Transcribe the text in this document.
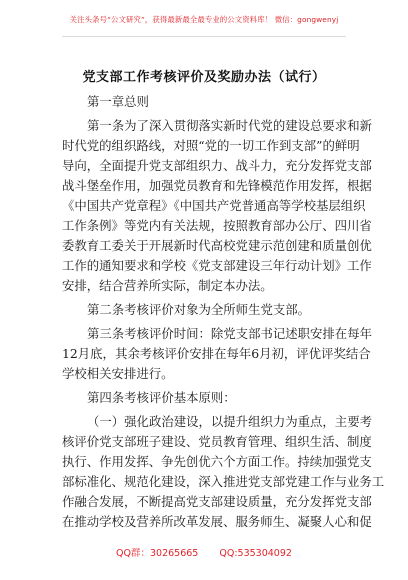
关注头条号“公文研究”，获得最新最全最专业的公文资料库！ 微信：gongwenyj
党支部工作考核评价及奖励办法（试行）
第一章总则
第一条为了深入贯彻落实新时代党的建设总要求和新
时代党的组织路线，对照“党的一切工作到支部”的鲜明
导向，全面提升党支部组织力、战斗力，充分发挥党支部
战斗堡垒作用，加强党员教育和先锋模范作用发挥，根据
《中国共产党章程》《中国共产党普通高等学校基层组织
工作条例》等党内有关法规，按照教育部办公厅、四川省
委教育工委关于开展新时代高校党建示范创建和质量创优
工作的通知要求和学校《党支部建设三年行动计划》工作
安排，结合营养所实际，制定本办法。
第二条考核评价对象为全所师生党支部。
第三条考核评价时间：除党支部书记述职安排在每年
12月底，其余考核评价安排在每年6月初，评优评奖结合
学校相关安排进行。
第四条考核评价基本原则：
（一）强化政治建设，以提升组织力为重点，主要考
核评价党支部班子建设、党员教育管理、组织生活、制度
执行、作用发挥、争先创优六个方面工作。持续加强党支
部标准化、规范化建设，深入推进党支部党建工作与业务工
作融合发展，不断提高党支部建设质量，充分发挥党支部
在推动学校及营养所改革发展、服务师生、凝聚人心和促
QQ群：30265665 QQ:535304092
